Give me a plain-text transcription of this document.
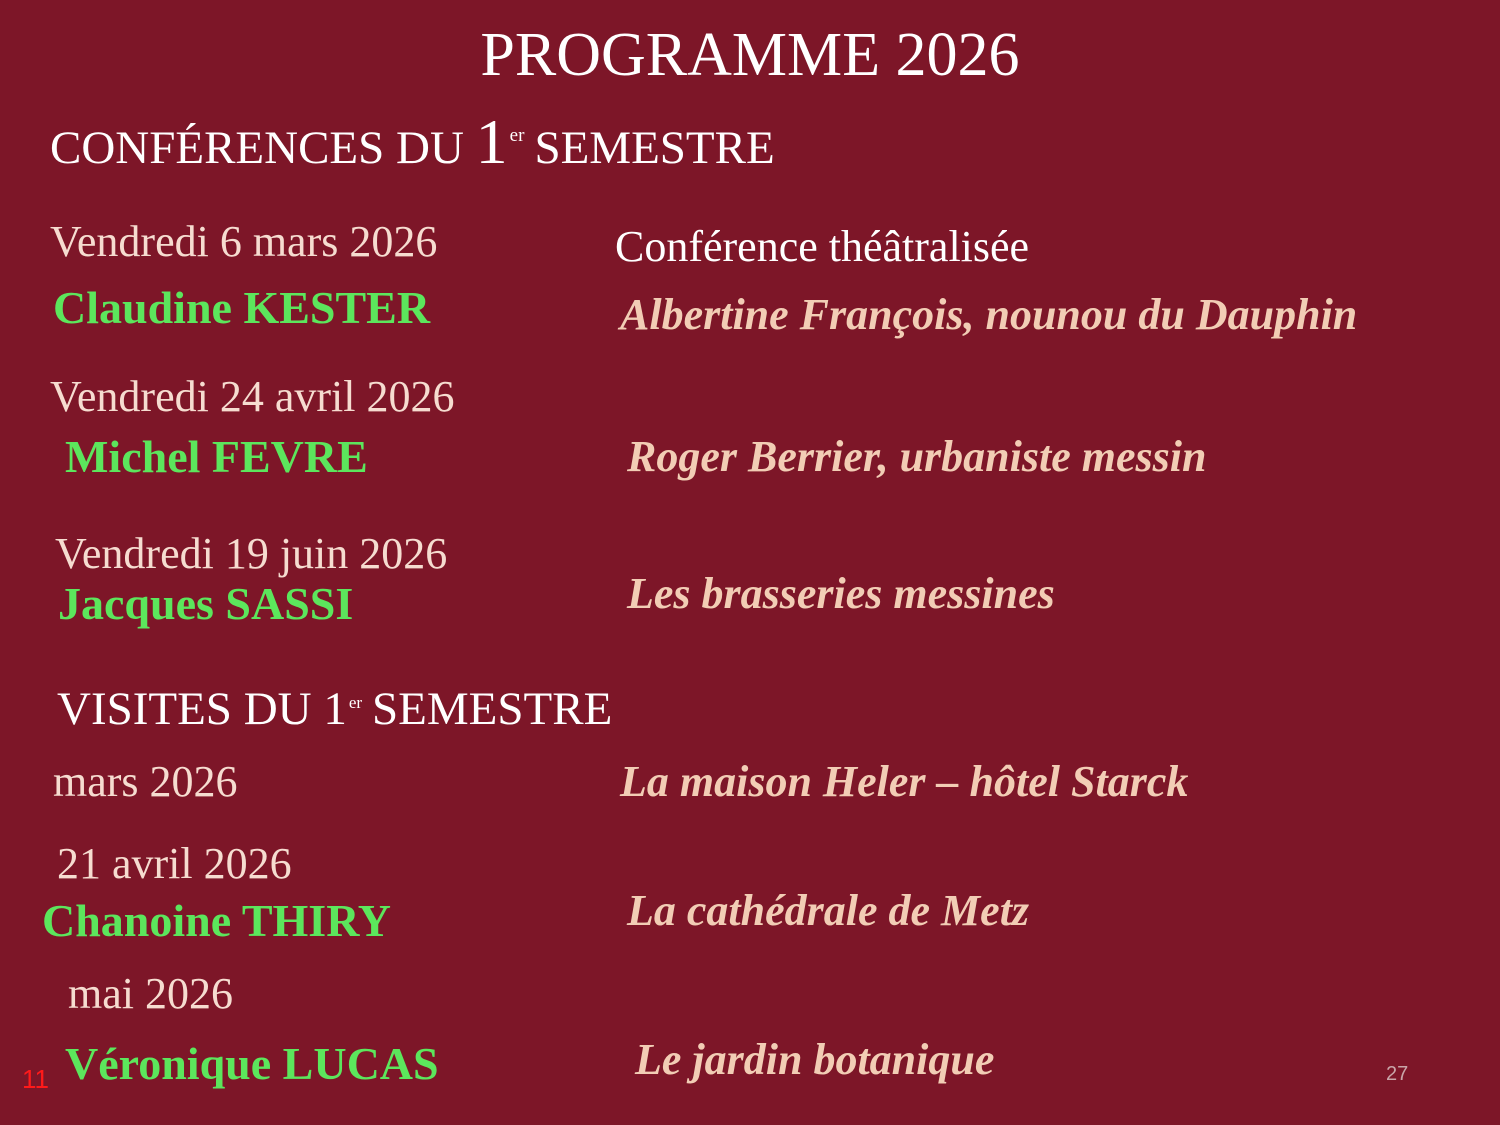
PROGRAMME 2026
CONFÉRENCES DU 1 $^{er}$ SEMESTRE
Vendredi 6 mars 2026	Conférence théâtralisée
Claudine KESTER	Albertine François, nounou du Dauphin
Vendredi 24 avril 2026
Michel FEVRE	Roger Berrier, urbaniste messin
Vendredi 19 juin 2026
Jacques SASSI	Les brasseries messines
VISITES DU 1 $^{er}$ SEMESTRE
mars 2026	La maison Heler – hôtel Starck
21 avril 2026
Chanoine THIRY	La cathédrale de Metz
mai 2026
Véronique LUCAS	Le jardin botanique
11	27
